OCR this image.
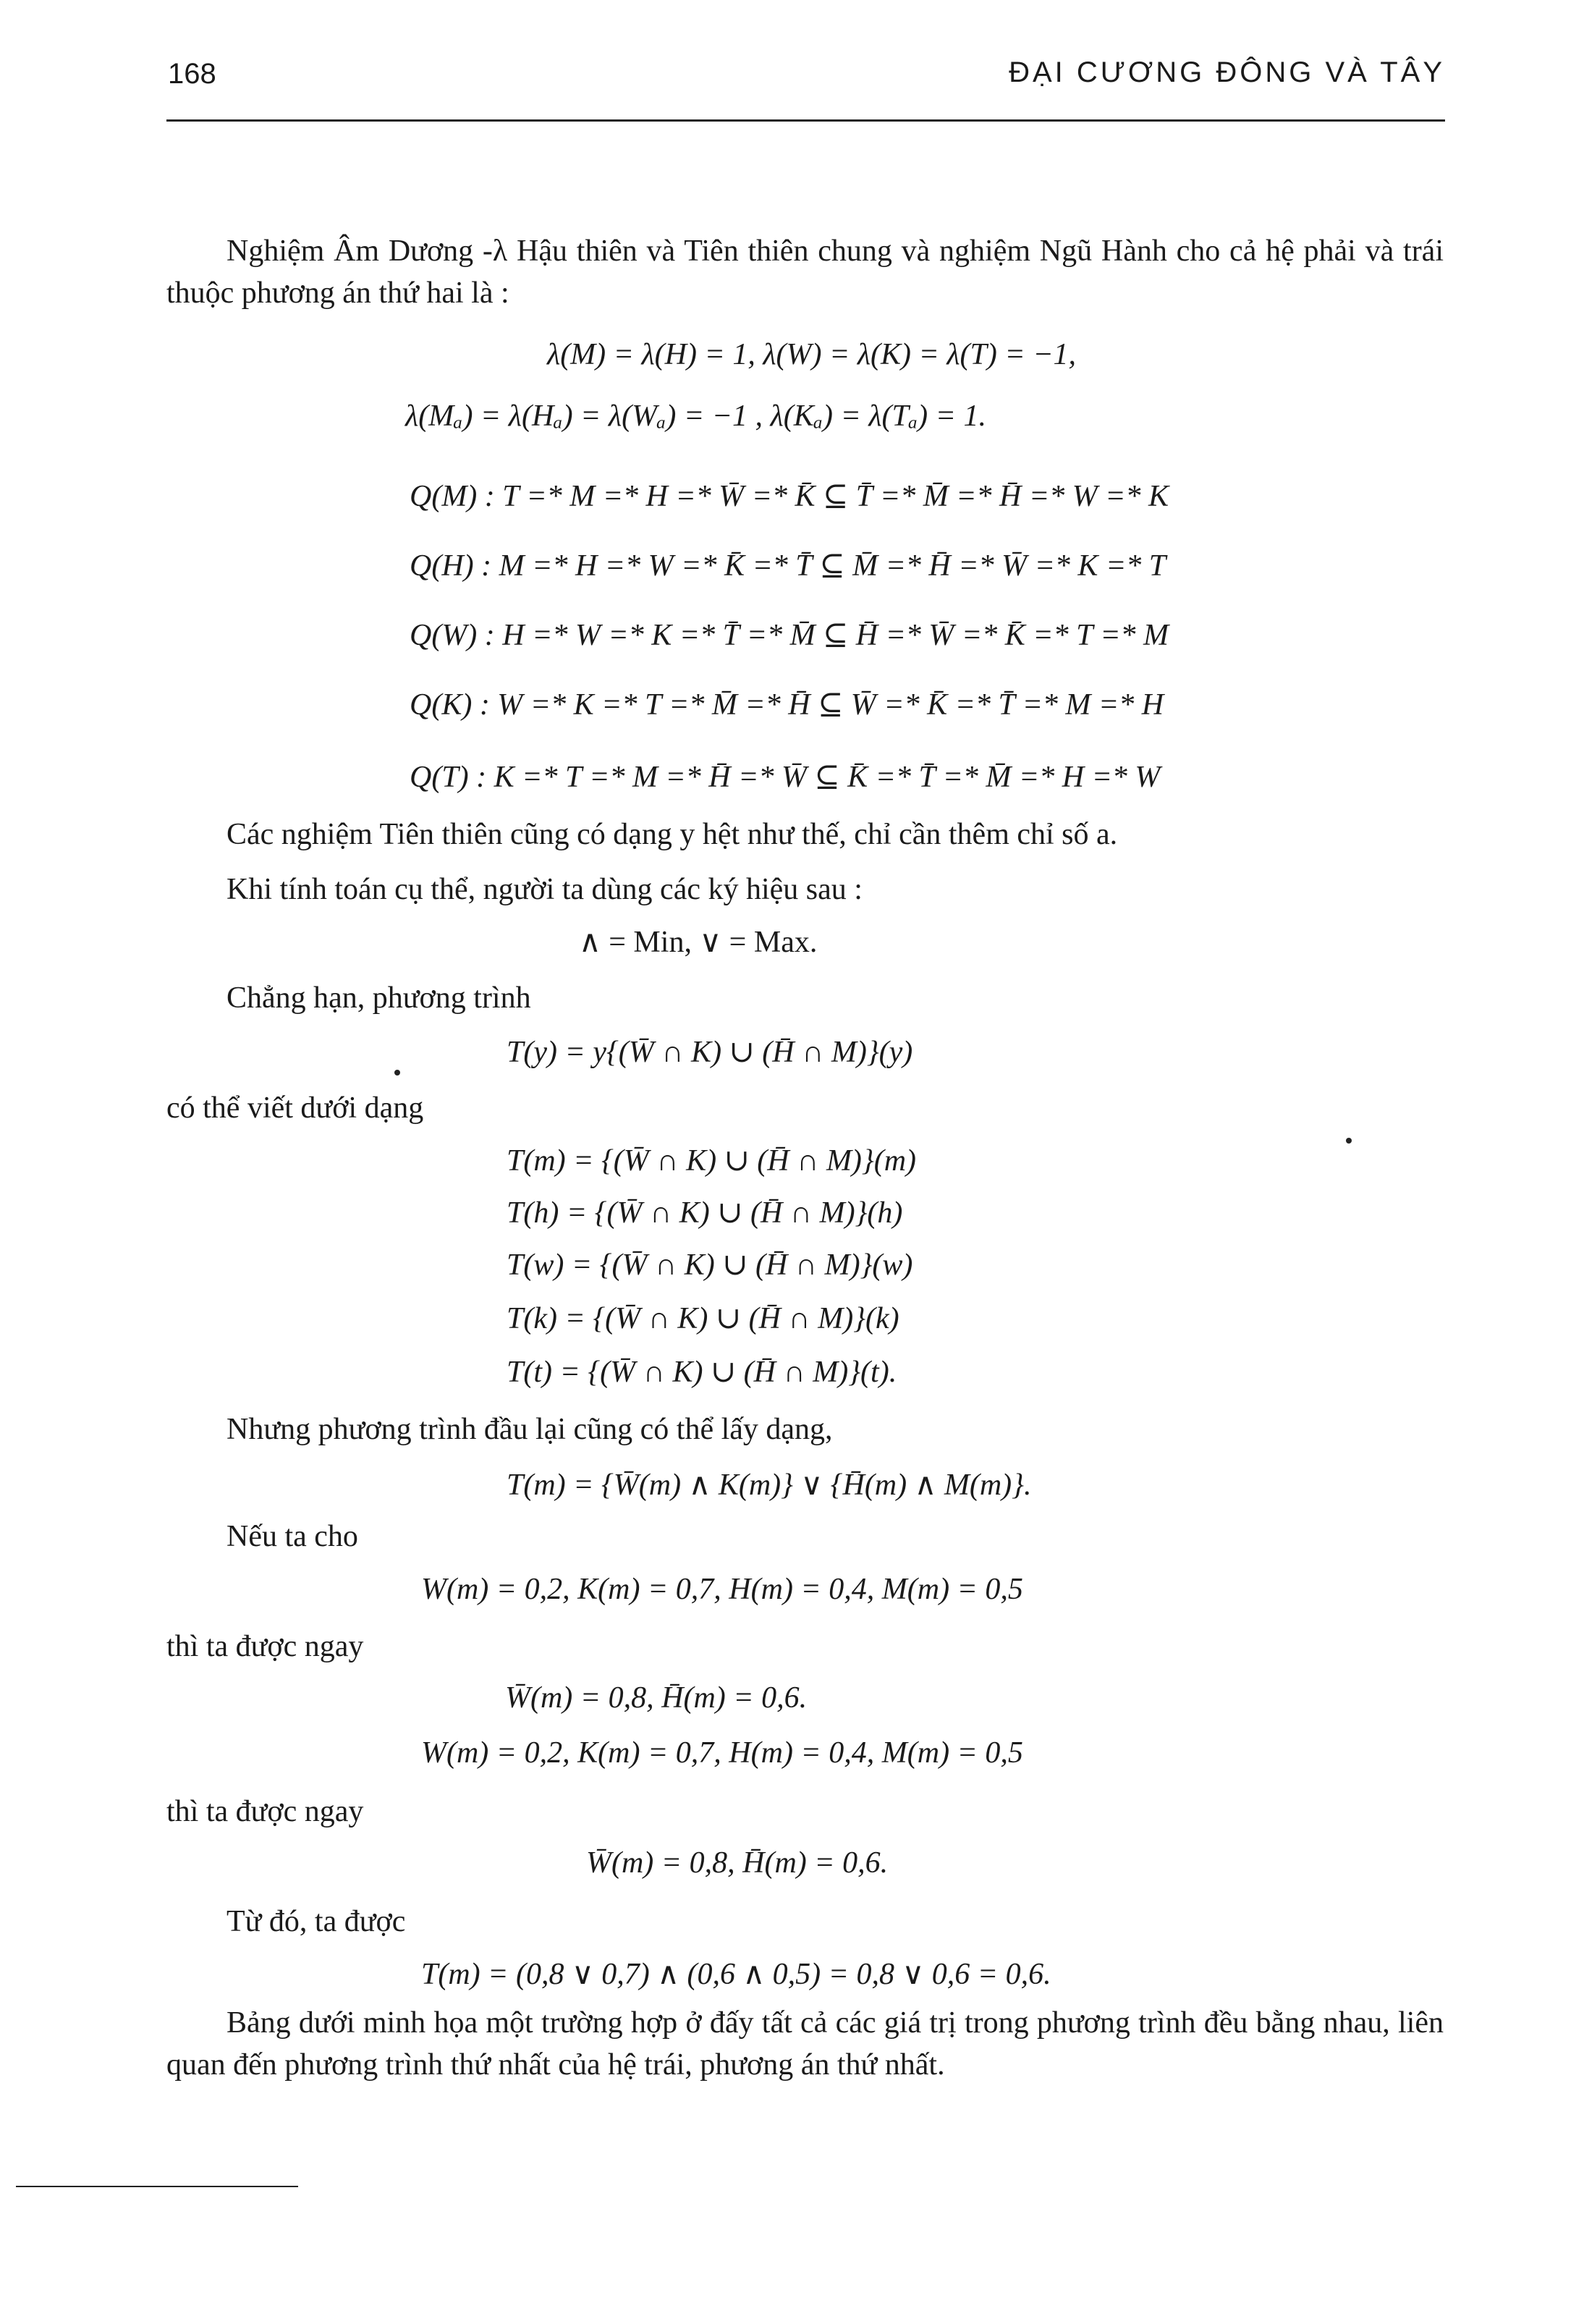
168	ĐẠI CƯƠNG ĐÔNG VÀ TÂY
Nghiệm Âm Dương -λ Hậu thiên và Tiên thiên chung và nghiệm Ngũ Hành cho cả hệ phải và trái thuộc phương án thứ hai là :
λ(M) = λ(H) = 1, λ(W) = λ(K) = λ(T) = −1,
λ(Mₐ) = λ(Hₐ) = λ(Wₐ) = −1 , λ(Kₐ) = λ(Tₐ) = 1.
Q(M) : T =* M =* H =* W̄ =* K̄ ⊆ T̄ =* M̄ =* H̄ =* W =* K
Q(H) : M =* H =* W =* K̄ =* T̄ ⊆ M̄ =* H̄ =* W̄ =* K =* T
Q(W) : H =* W =* K =* T̄ =* M̄ ⊆ H̄ =* W̄ =* K̄ =* T =* M
Q(K) : W =* K =* T =* M̄ =* H̄ ⊆ W̄ =* K̄ =* T̄ =* M =* H
Q(T) : K =* T =* M =* H̄ =* W̄ ⊆ K̄ =* T̄ =* M̄ =* H =* W
Các nghiệm Tiên thiên cũng có dạng y hệt như thế, chỉ cần thêm chỉ số a.
Khi tính toán cụ thể, người ta dùng các ký hiệu sau :
∧ = Min, ∨ = Max.
Chẳng hạn, phương trình
T(y) = y{(W̄ ∩ K) ∪ (H̄ ∩ M)}(y)
có thể viết dưới dạng
T(m) = {(W̄ ∩ K) ∪ (H̄ ∩ M)}(m)
T(h) = {(W̄ ∩ K) ∪ (H̄ ∩ M)}(h)
T(w) = {(W̄ ∩ K) ∪ (H̄ ∩ M)}(w)
T(k) = {(W̄ ∩ K) ∪ (H̄ ∩ M)}(k)
T(t) = {(W̄ ∩ K) ∪ (H̄ ∩ M)}(t).
Nhưng phương trình đầu lại cũng có thể lấy dạng,
T(m) = {W̄(m) ∧ K(m)} ∨ {H̄(m) ∧ M(m)}.
Nếu ta cho
W(m) = 0,2, K(m) = 0,7, H(m) = 0,4, M(m) = 0,5
thì ta được ngay
W̄(m) = 0,8, H̄(m) = 0,6.
W(m) = 0,2, K(m) = 0,7, H(m) = 0,4, M(m) = 0,5
thì ta được ngay
W̄(m) = 0,8, H̄(m) = 0,6.
Từ đó, ta được
T(m) = (0,8 ∨ 0,7) ∧ (0,6 ∧ 0,5) = 0,8 ∨ 0,6 = 0,6.
Bảng dưới minh họa một trường hợp ở đấy tất cả các giá trị trong phương trình đều bằng nhau, liên quan đến phương trình thứ nhất của hệ trái, phương án thứ nhất.
